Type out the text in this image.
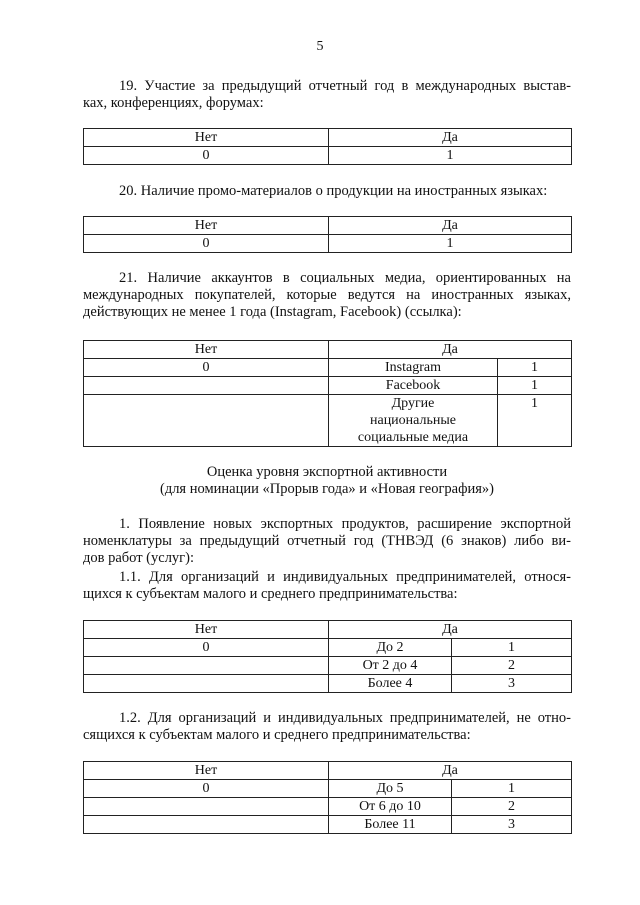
5
19. Участие за предыдущий отчетный год в международных выстав-
ках, конференциях, форумах:
Нет	Да
0	1
20. Наличие промо-материалов о продукции на иностранных языках:
Нет	Да
0	1
21. Наличие аккаунтов в социальных медиа, ориентированных на
международных покупателей, которые ведутся на иностранных языках,
действующих не менее 1 года (Instagram, Facebook) (ссылка):
Нет	Да	
0	Instagram	1
	Facebook	1
	Другие национальные социальные медиа	1
Оценка уровня экспортной активности
(для номинации «Прорыв года» и «Новая география»)
1. Появление новых экспортных продуктов, расширение экспортной
номенклатуры за предыдущий отчетный год (ТНВЭД (6 знаков) либо ви-
дов работ (услуг):
1.1. Для организаций и индивидуальных предпринимателей, относя-
щихся к субъектам малого и среднего предпринимательства:
Нет	Да	
0	До 2	1
	От 2 до 4	2
	Более 4	3
1.2. Для организаций и индивидуальных предпринимателей, не отно-
сящихся к субъектам малого и среднего предпринимательства:
Нет	Да	
0	До 5	1
	От 6 до 10	2
	Более 11	3
